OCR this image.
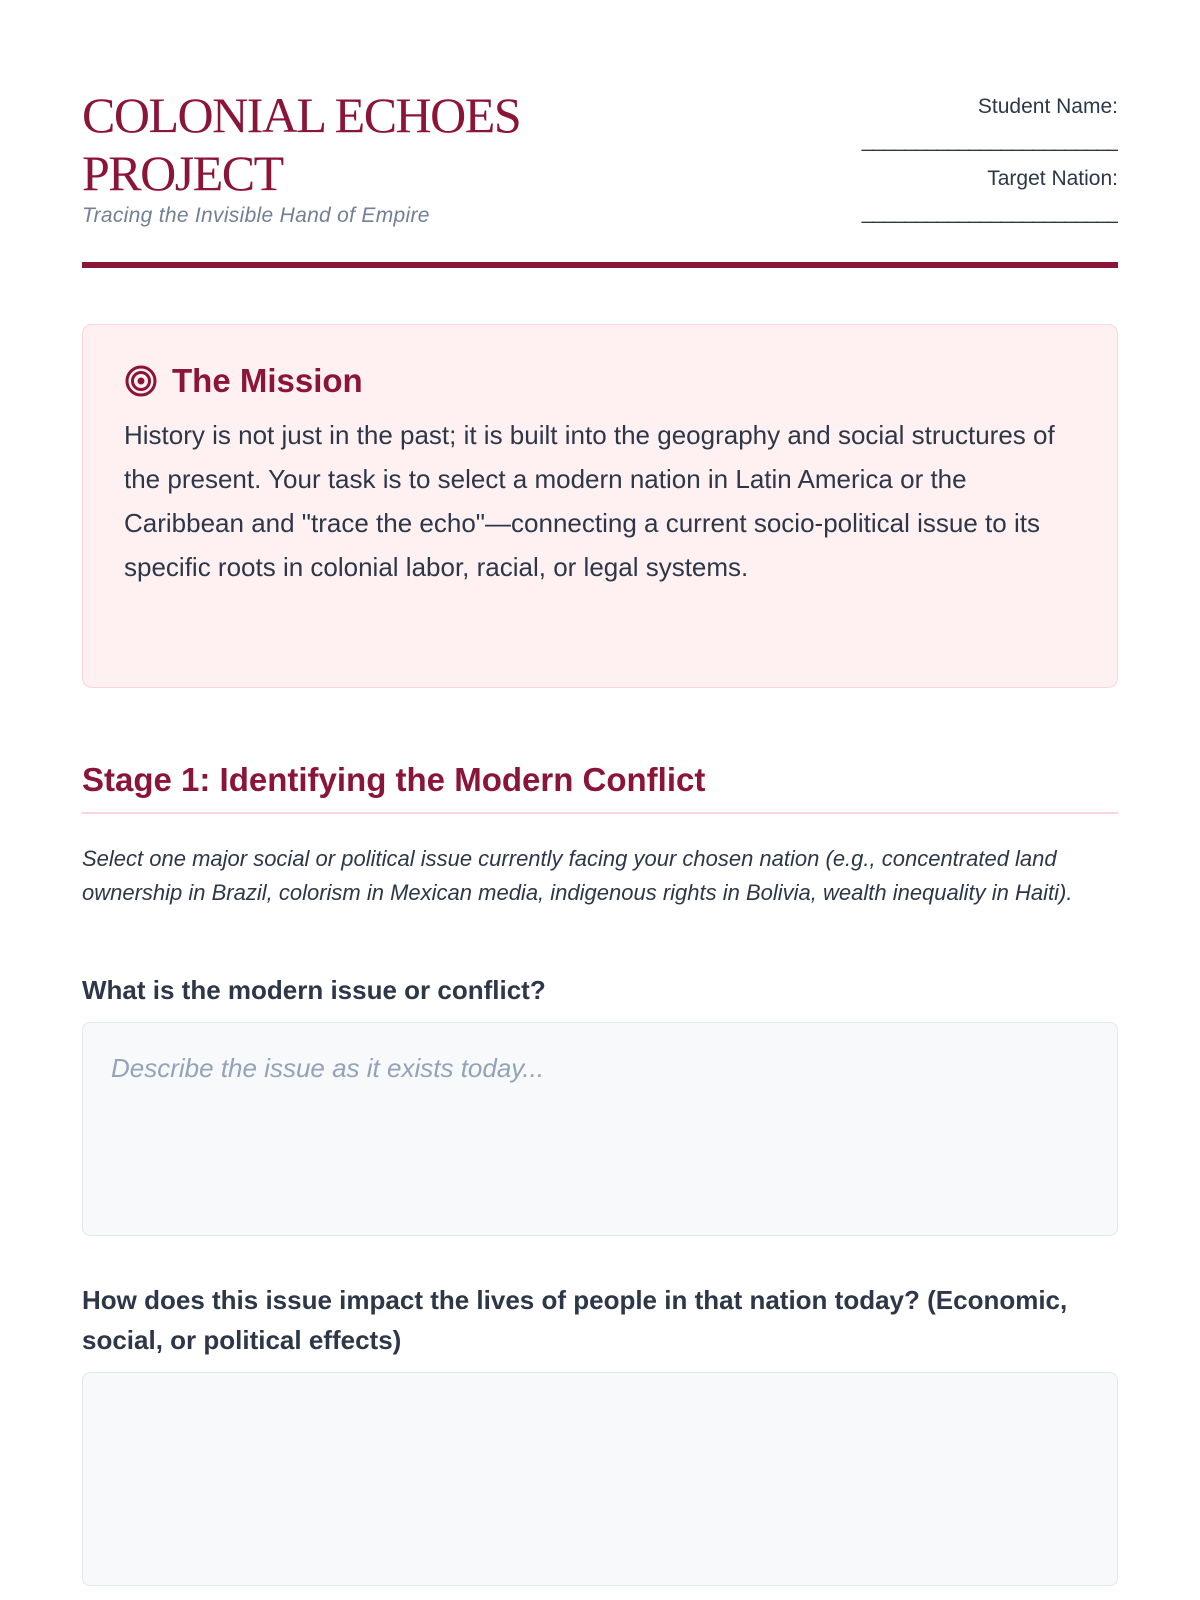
COLONIAL ECHOES PROJECT
Tracing the Invisible Hand of Empire
Student Name:
________________________
Target Nation:
________________________
The Mission

History is not just in the past; it is built into the geography and social structures of the present. Your task is to select a modern nation in Latin America or the Caribbean and "trace the echo"—connecting a current socio-political issue to its specific roots in colonial labor, racial, or legal systems.

Stage 1: Identifying the Modern Conflict

Select one major social or political issue currently facing your chosen nation (e.g., concentrated land ownership in Brazil, colorism in Mexican media, indigenous rights in Bolivia, wealth inequality in Haiti).

What is the modern issue or conflict?
Describe the issue as it exists today...
How does this issue impact the lives of people in that nation today? (Economic, social, or political effects)
